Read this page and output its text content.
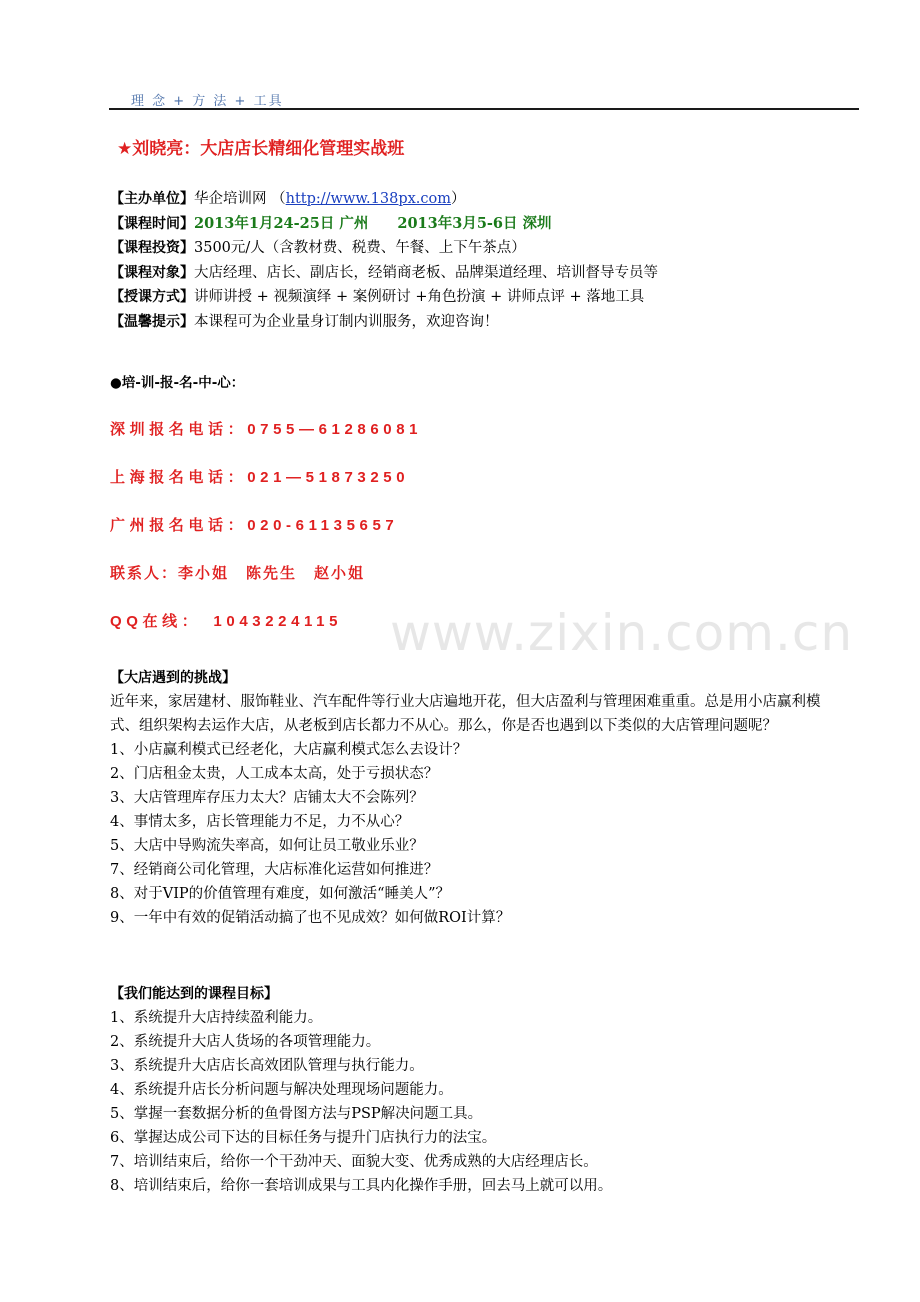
理 念 + 方 法 + 工具
★刘晓亮：大店店长精细化管理实战班
【主办单位】华企培训网 （http://www.138px.com）
【课程时间】2013年1月24-25日 广州　　2013年3月5-6日 深圳
【课程投资】3500元/人（含教材费、税费、午餐、上下午茶点）
【课程对象】大店经理、店长、副店长，经销商老板、品牌渠道经理、培训督导专员等
【授课方式】讲师讲授 + 视频演绎 + 案例研讨 +角色扮演 + 讲师点评 + 落地工具
【温馨提示】本课程可为企业量身订制内训服务，欢迎咨询！
●培-训-报-名-中-心：
深圳报名电话：0755—61286081
上海报名电话：021—51873250
广州报名电话：020-61135657
联系人：李小姐　陈先生　赵小姐
QQ在线：　1043224115 www.zixin.com.cn
【大店遇到的挑战】

近年来，家居建材、服饰鞋业、汽车配件等行业大店遍地开花，但大店盈利与管理困难重重。总是用小店赢利模式、组织架构去运作大店，从老板到店长都力不从心。那么，你是否也遇到以下类似的大店管理问题呢？

1、小店赢利模式已经老化，大店赢利模式怎么去设计？
2、门店租金太贵，人工成本太高，处于亏损状态？
3、大店管理库存压力太大？店铺太大不会陈列？
4、事情太多，店长管理能力不足，力不从心？
5、大店中导购流失率高，如何让员工敬业乐业？
7、经销商公司化管理，大店标准化运营如何推进？
8、对于VIP的价值管理有难度，如何激活“睡美人”？
9、一年中有效的促销活动搞了也不见成效？如何做ROI计算？
【我们能达到的课程目标】
1、系统提升大店持续盈利能力。
2、系统提升大店人货场的各项管理能力。
3、系统提升大店店长高效团队管理与执行能力。
4、系统提升店长分析问题与解决处理现场问题能力。
5、掌握一套数据分析的鱼骨图方法与PSP解决问题工具。
6、掌握达成公司下达的目标任务与提升门店执行力的法宝。
7、培训结束后，给你一个干劲冲天、面貌大变、优秀成熟的大店经理店长。
8、培训结束后，给你一套培训成果与工具内化操作手册，回去马上就可以用。
